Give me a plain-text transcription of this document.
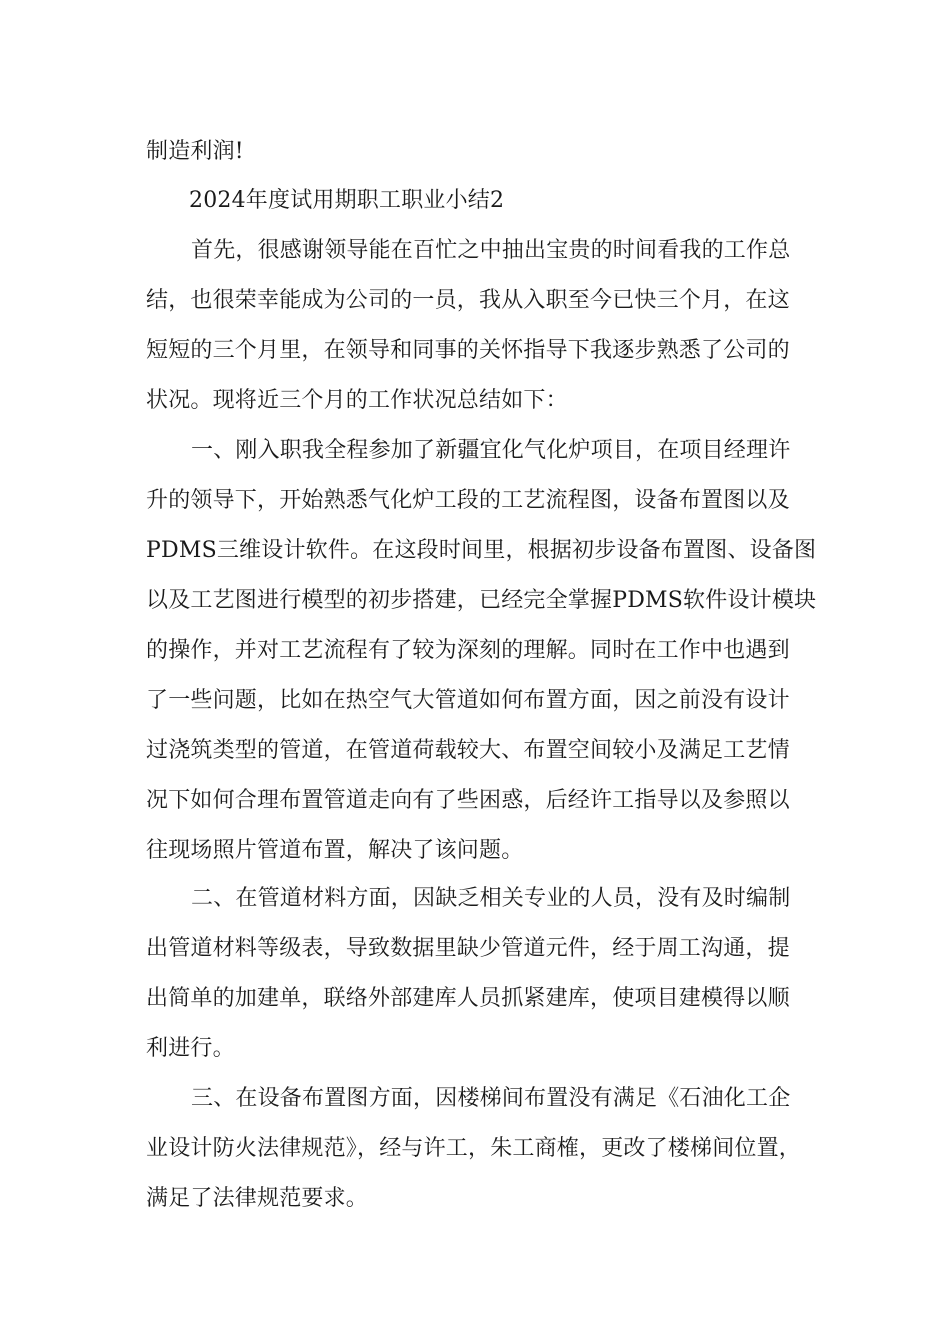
制造利润!

2024年度试用期职工职业小结2

首先，很感谢领导能在百忙之中抽出宝贵的时间看我的工作总

结，也很荣幸能成为公司的一员，我从入职至今已快三个月，在这

短短的三个月里，在领导和同事的关怀指导下我逐步熟悉了公司的

状况。现将近三个月的工作状况总结如下：

一、刚入职我全程参加了新疆宜化气化炉项目，在项目经理许

升的领导下，开始熟悉气化炉工段的工艺流程图，设备布置图以及

PDMS三维设计软件。在这段时间里，根据初步设备布置图、设备图

以及工艺图进行模型的初步搭建，已经完全掌握PDMS软件设计模块

的操作，并对工艺流程有了较为深刻的理解。同时在工作中也遇到

了一些问题，比如在热空气大管道如何布置方面，因之前没有设计

过浇筑类型的管道，在管道荷载较大、布置空间较小及满足工艺情

况下如何合理布置管道走向有了些困惑，后经许工指导以及参照以

往现场照片管道布置，解决了该问题。

二、在管道材料方面，因缺乏相关专业的人员，没有及时编制

出管道材料等级表，导致数据里缺少管道元件，经于周工沟通，提

出简单的加建单，联络外部建库人员抓紧建库，使项目建模得以顺

利进行。

三、在设备布置图方面，因楼梯间布置没有满足《石油化工企

业设计防火法律规范》，经与许工，朱工商榷，更改了楼梯间位置，

满足了法律规范要求。
